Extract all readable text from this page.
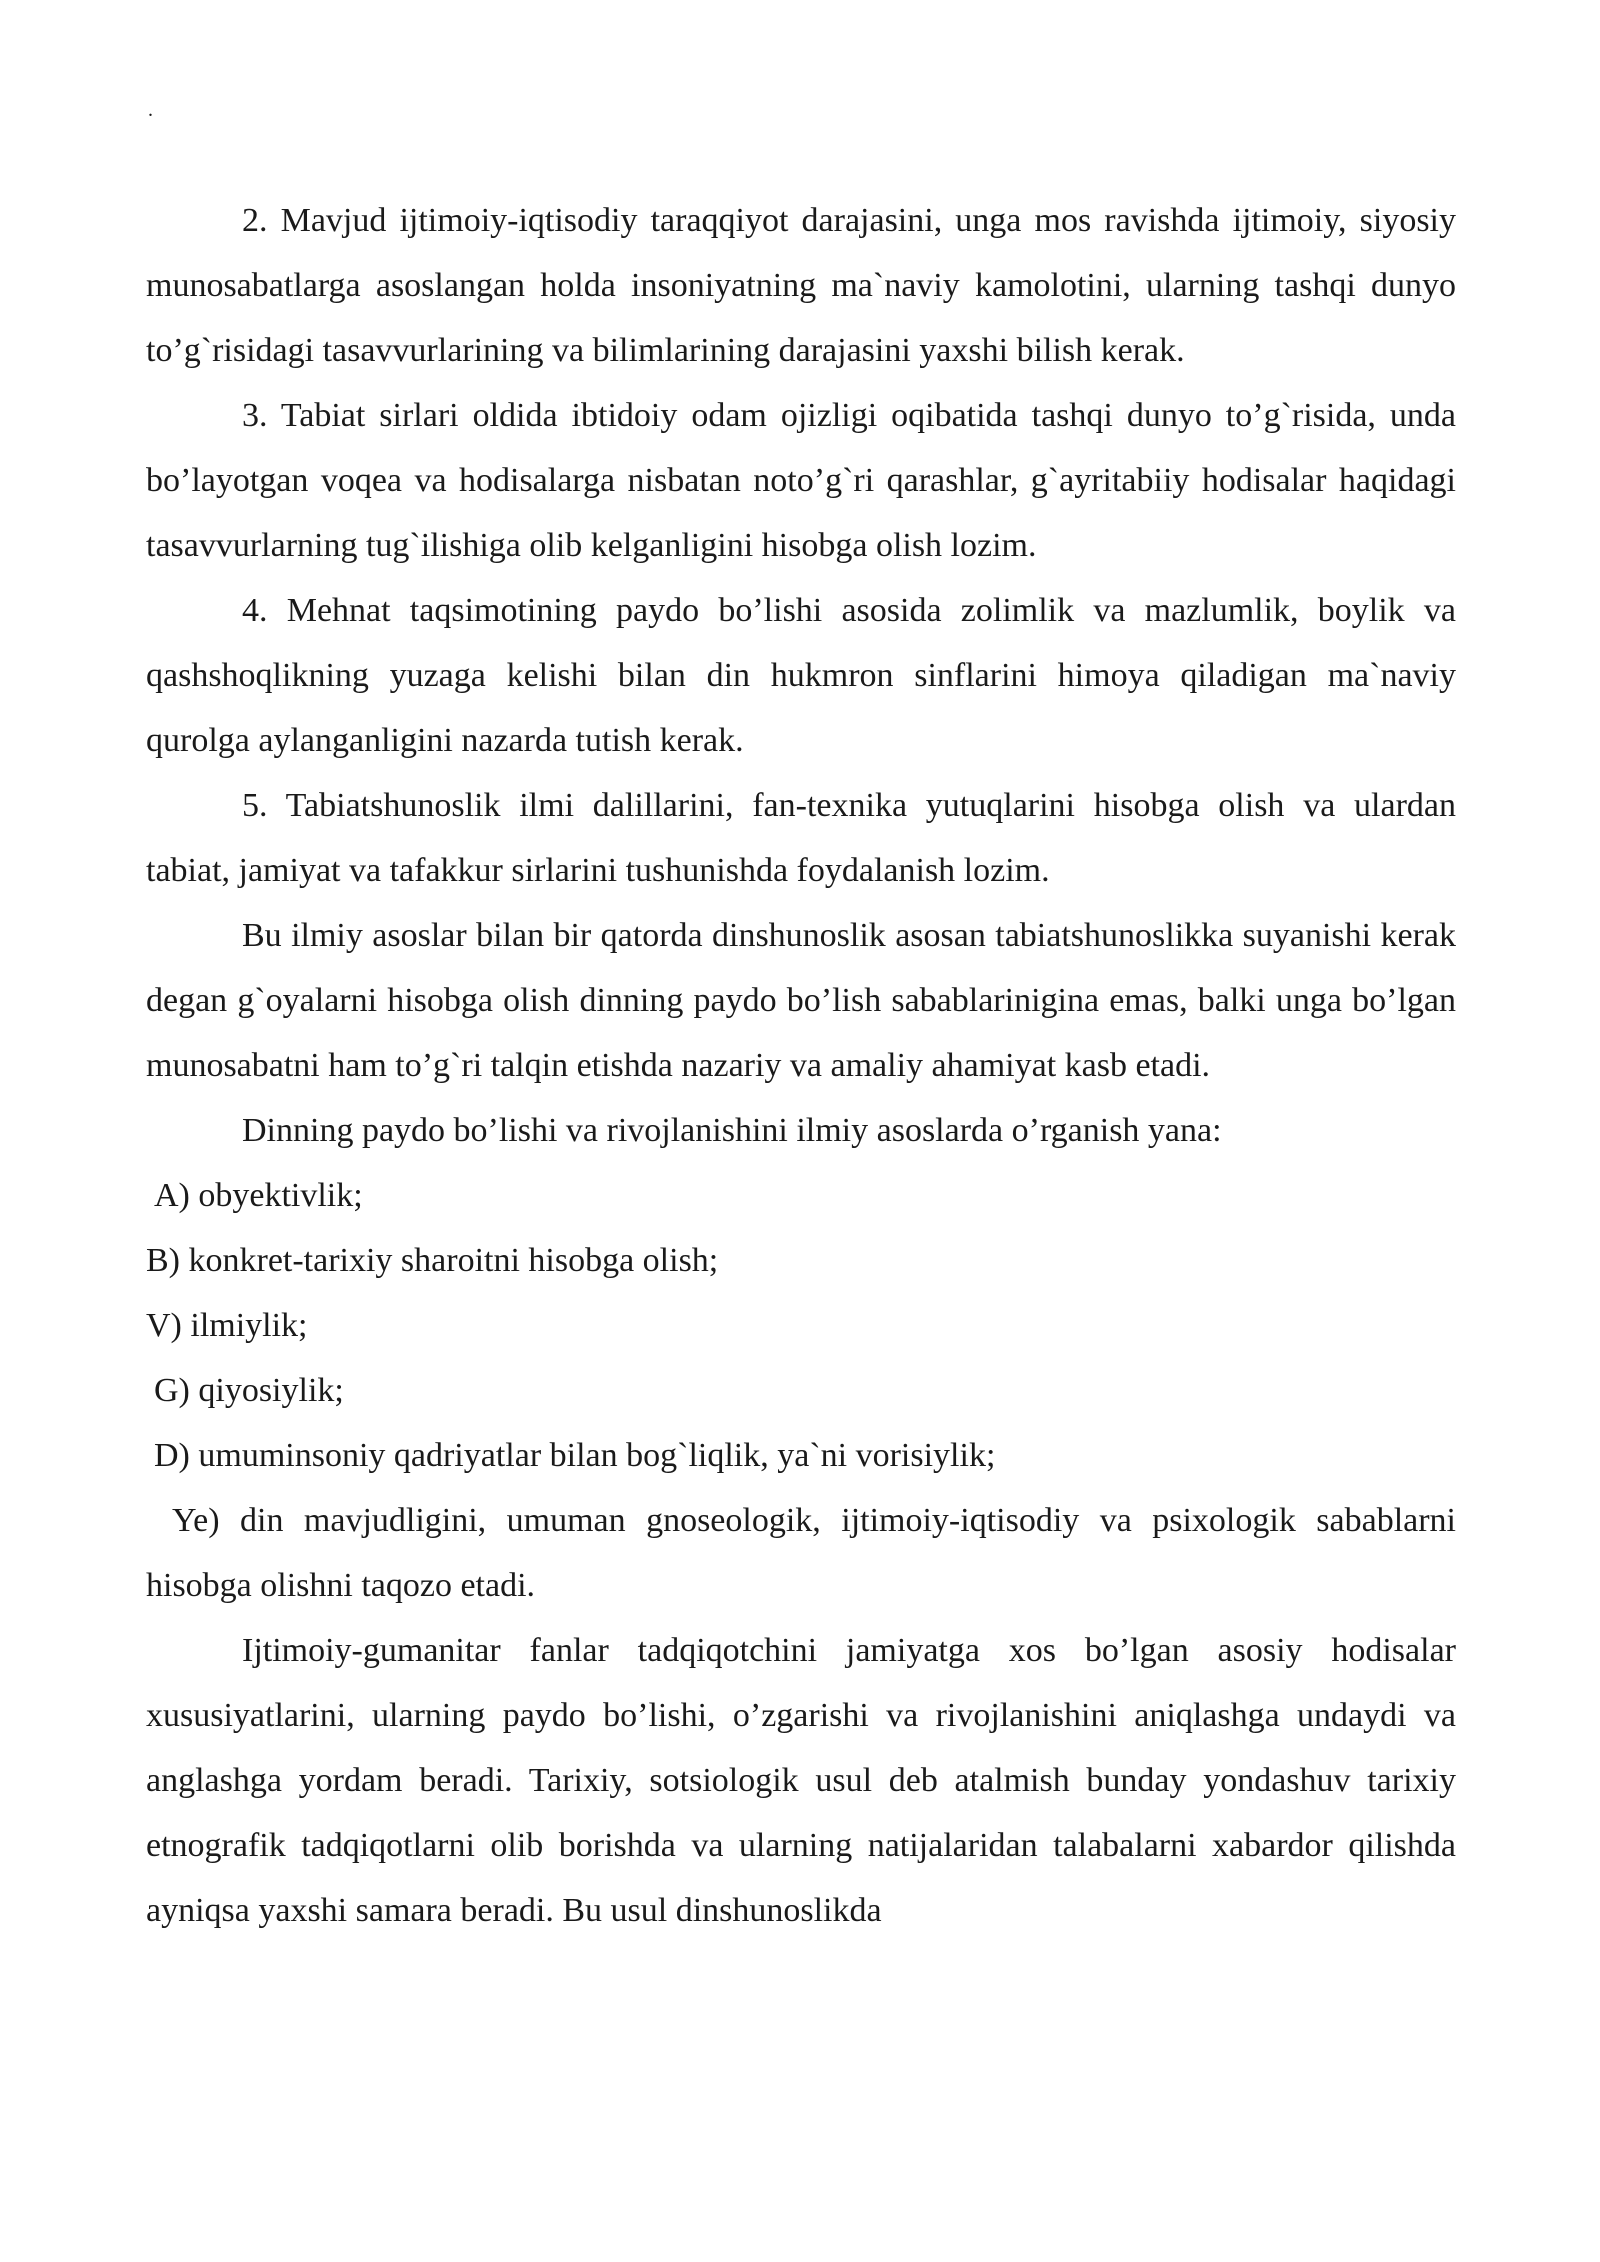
.

2. Mavjud ijtimoiy-iqtisodiy taraqqiyot darajasini, unga mos ravishda ijtimoiy, siyosiy munosabatlarga asoslangan holda insoniyatning ma`naviy kamolotini, ularning tashqi dunyo to’g`risidagi tasavvurlarining va bilimlarining darajasini yaxshi bilish kerak.

3. Tabiat sirlari oldida ibtidoiy odam ojizligi oqibatida tashqi dunyo to’g`risida, unda bo’layotgan voqea va hodisalarga nisbatan noto’g`ri qarashlar, g`ayritabiiy hodisalar haqidagi tasavvurlarning tug`ilishiga olib kelganligini hisobga olish lozim.

4. Mehnat taqsimotining paydo bo’lishi asosida zolimlik va mazlumlik, boylik va qashshoqlikning yuzaga kelishi bilan din hukmron sinflarini himoya qiladigan ma`naviy qurolga aylanganligini nazarda tutish kerak.

5. Tabiatshunoslik ilmi dalillarini, fan-texnika yutuqlarini hisobga olish va ulardan tabiat, jamiyat va tafakkur sirlarini tushunishda foydalanish lozim.

Bu ilmiy asoslar bilan bir qatorda dinshunoslik asosan tabiatshunoslikka suyanishi kerak degan g`oyalarni hisobga olish dinning paydo bo’lish sabablarinigina emas, balki unga bo’lgan munosabatni ham to’g`ri talqin etishda nazariy va amaliy ahamiyat kasb etadi.

Dinning paydo bo’lishi va rivojlanishini ilmiy asoslarda o’rganish yana:

A) obyektivlik;

B) konkret-tarixiy sharoitni hisobga olish;

V) ilmiylik;

G) qiyosiylik;

D) umuminsoniy qadriyatlar bilan bog`liqlik, ya`ni vorisiylik;

Ye) din mavjudligini, umuman gnoseologik, ijtimoiy-iqtisodiy va psixologik sabablarni hisobga olishni taqozo etadi.

Ijtimoiy-gumanitar fanlar tadqiqotchini jamiyatga xos bo’lgan asosiy hodisalar xususiyatlarini, ularning paydo bo’lishi, o’zgarishi va rivojlanishini aniqlashga undaydi va anglashga yordam beradi. Tarixiy, sotsiologik usul deb atalmish bunday yondashuv tarixiy etnografik tadqiqotlarni olib borishda va ularning natijalaridan talabalarni xabardor qilishda ayniqsa yaxshi samara beradi. Bu usul dinshunoslikda
